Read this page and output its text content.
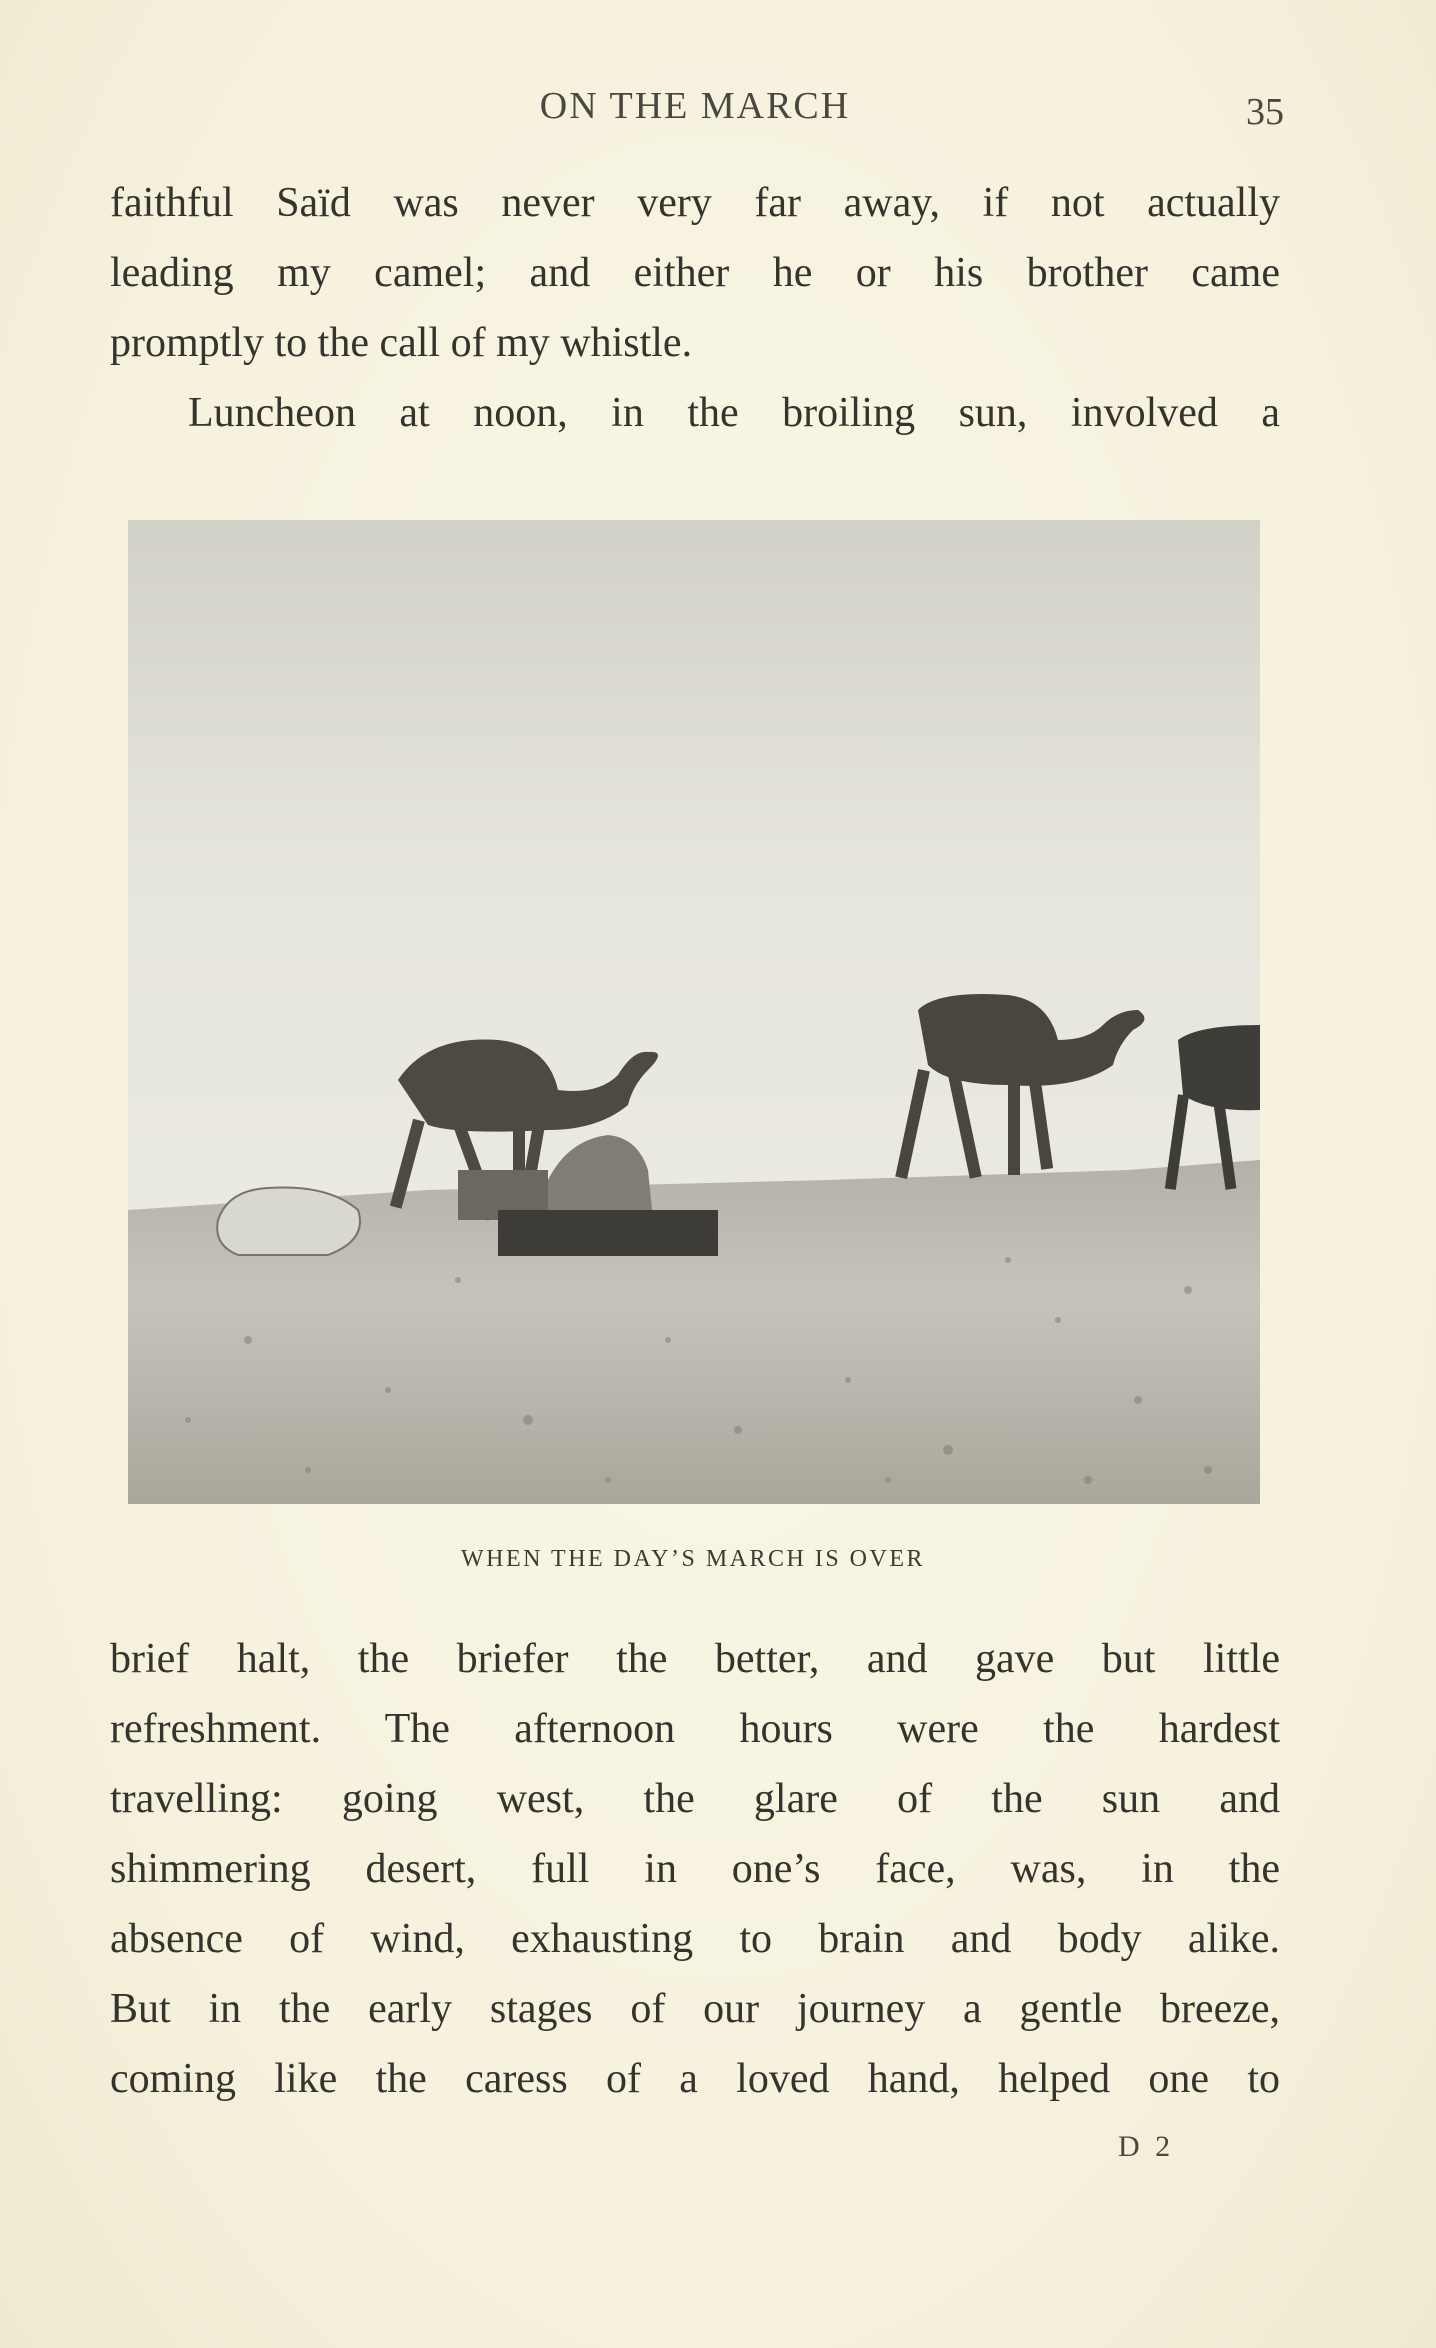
ON THE MARCH	35
faithful Saïd was never very far away, if not actually
leading my camel; and either he or his brother came
promptly to the call of my whistle.
Luncheon at noon, in the broiling sun, involved a
WHEN THE DAY’S MARCH IS OVER
brief halt, the briefer the better, and gave but little
refreshment. The afternoon hours were the hardest
travelling: going west, the glare of the sun and
shimmering desert, full in one’s face, was, in the
absence of wind, exhausting to brain and body alike.
But in the early stages of our journey a gentle breeze,
coming like the caress of a loved hand, helped one to
D 2
